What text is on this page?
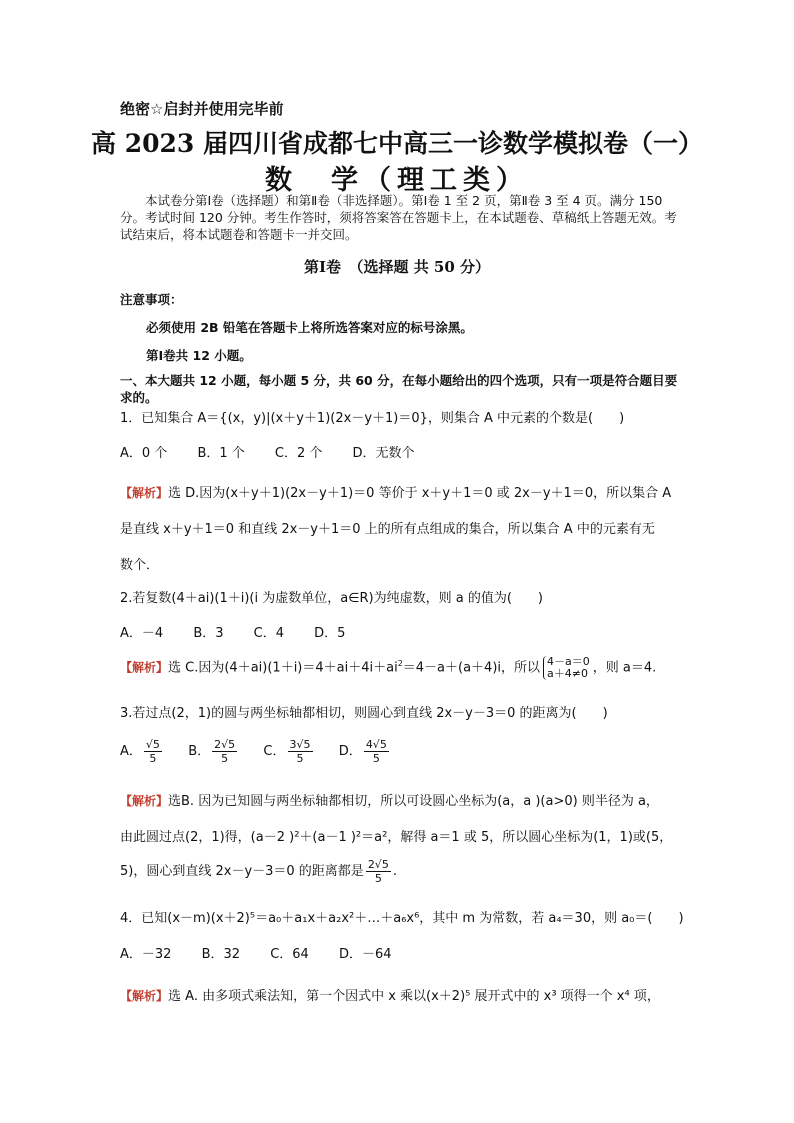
绝密☆启封并使用完毕前
高 2023 届四川省成都七中高三一诊数学模拟卷（一）
数　学（理工类）
本试卷分第Ⅰ卷（选择题）和第Ⅱ卷（非选择题）。第Ⅰ卷 1 至 2 页，第Ⅱ卷 3 至 4 页。满分 150 分。考试时间 120 分钟。考生作答时，须将答案答在答题卡上，在本试题卷、草稿纸上答题无效。考试结束后，将本试题卷和答题卡一并交回。
第Ⅰ卷　（选择题 共 50 分）
注意事项：
必须使用 2B 铅笔在答题卡上将所选答案对应的标号涂黑。
第Ⅰ卷共 12 小题。
一、本大题共 12 小题，每小题 5 分，共 60 分，在每小题给出的四个选项，只有一项是符合题目要求的。
1．已知集合 A＝{(x，y)|(x＋y＋1)(2x－y＋1)＝0}，则集合 A 中元素的个数是(　　)
A．0 个 B．1 个 C．2 个 D．无数个
【解析】选 D.因为(x＋y＋1)(2x－y＋1)＝0 等价于 x＋y＋1＝0 或 2x－y＋1＝0，所以集合 A
是直线 x＋y＋1＝0 和直线 2x－y＋1＝0 上的所有点组成的集合，所以集合 A 中的元素有无
数个．
2.若复数(4＋ai)(1＋i)(i 为虚数单位，a∈R)为纯虚数，则 a 的值为(　　)
A．－4 B．3 C．4 D．5
【解析】选 C.因为$(4+ai)(1+i)=4+ai+4i+ai^2=4-a+(a+4)i$，所以 4－a＝0
a＋4≠0 ，则 a＝4.
3.若过点(2，1)的圆与两坐标轴都相切，则圆心到直线 2x－y－3＝0 的距离为(　　)
A． $\frac{√5}{5}$ B． $\frac{2√5}{5}$ C． $\frac{3√5}{5}$ D． $\frac{4√5}{5}$
【解析】选B. 因为已知圆与两坐标轴都相切，所以可设圆心坐标为(a，a )(a>0) 则半径为 a，
由此圆过点(2，1)得，(a－2 )²＋(a－1 )²＝a²，解得 a＝1 或 5，所以圆心坐标为(1，1)或(5，
5)，圆心到直线 2x－y－3＝0 的距离都是 $\frac{2√5}{5}$ .
4．已知(x－m)(x＋2)⁵＝a₀＋a₁x＋a₂x²＋…＋a₆x⁶，其中 m 为常数，若 a₄＝30，则 a₀＝(　　)
A．－32 B．32 C．64 D．－64
【解析】选 A. 由多项式乘法知，第一个因式中 x 乘以(x＋2)⁵ 展开式中的 x³ 项得一个 x⁴ 项，
